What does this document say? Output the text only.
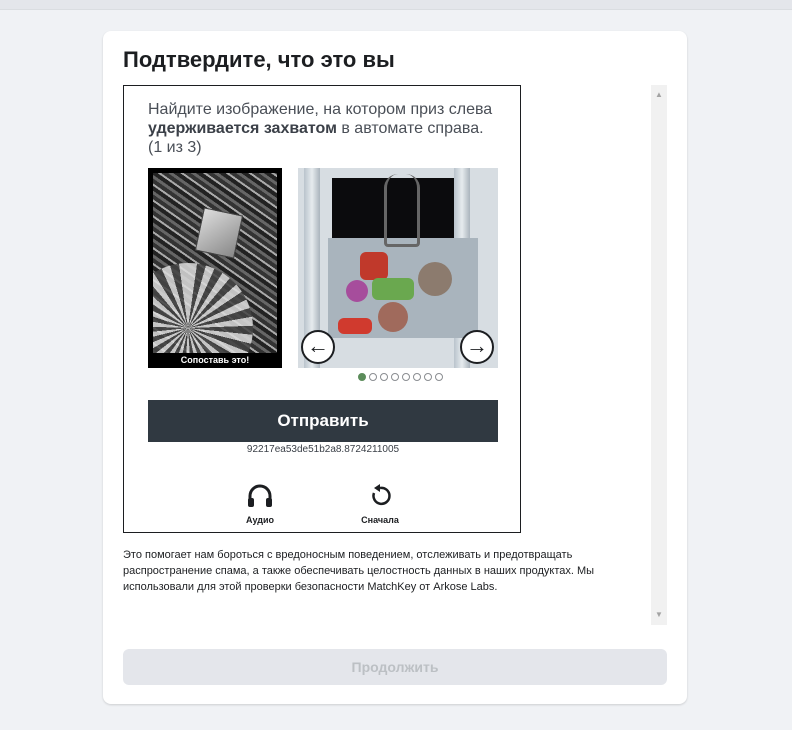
Подтвердите, что это вы

Найдите изображение, на котором приз слева удерживается захватом в автомате справа.
(1 из 3)

Сопоставь это!
←	→
Отправить
92217ea53de51b2a8.8724211005
Аудио	Сначала
▲
▼

Это помогает нам бороться с вредоносным поведением, отслеживать и предотвращать распространение спама, а также обеспечивать целостность данных в наших продуктах. Мы использовали для этой проверки безопасности MatchKey от Arkose Labs.

Продолжить
